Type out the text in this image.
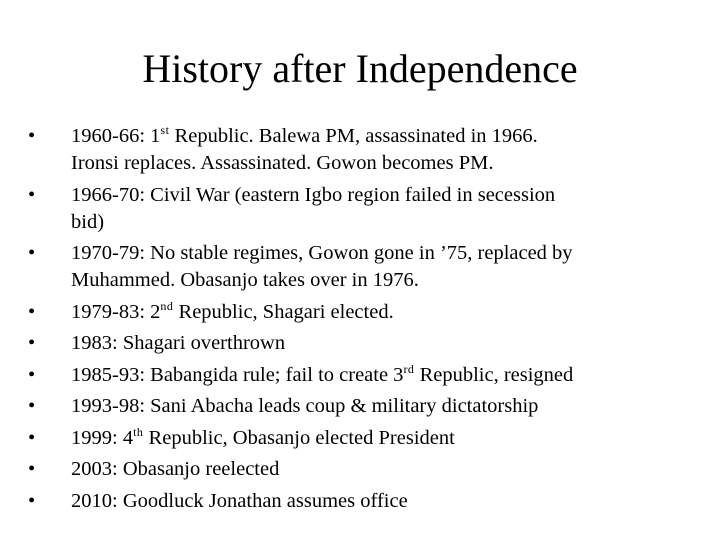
History after Independence
•	1960-66: 1st Republic. Balewa PM, assassinated in 1966.
Ironsi replaces. Assassinated. Gowon becomes PM.
•	1966-70: Civil War (eastern Igbo region failed in secession
bid)
•	1970-79: No stable regimes, Gowon gone in ’75, replaced by
Muhammed. Obasanjo takes over in 1976.
•	1979-83: 2nd Republic, Shagari elected.
•	1983: Shagari overthrown
•	1985-93: Babangida rule; fail to create 3rd Republic, resigned
•	1993-98: Sani Abacha leads coup & military dictatorship
•	1999: 4th Republic, Obasanjo elected President
•	2003: Obasanjo reelected
•	2010: Goodluck Jonathan assumes office
